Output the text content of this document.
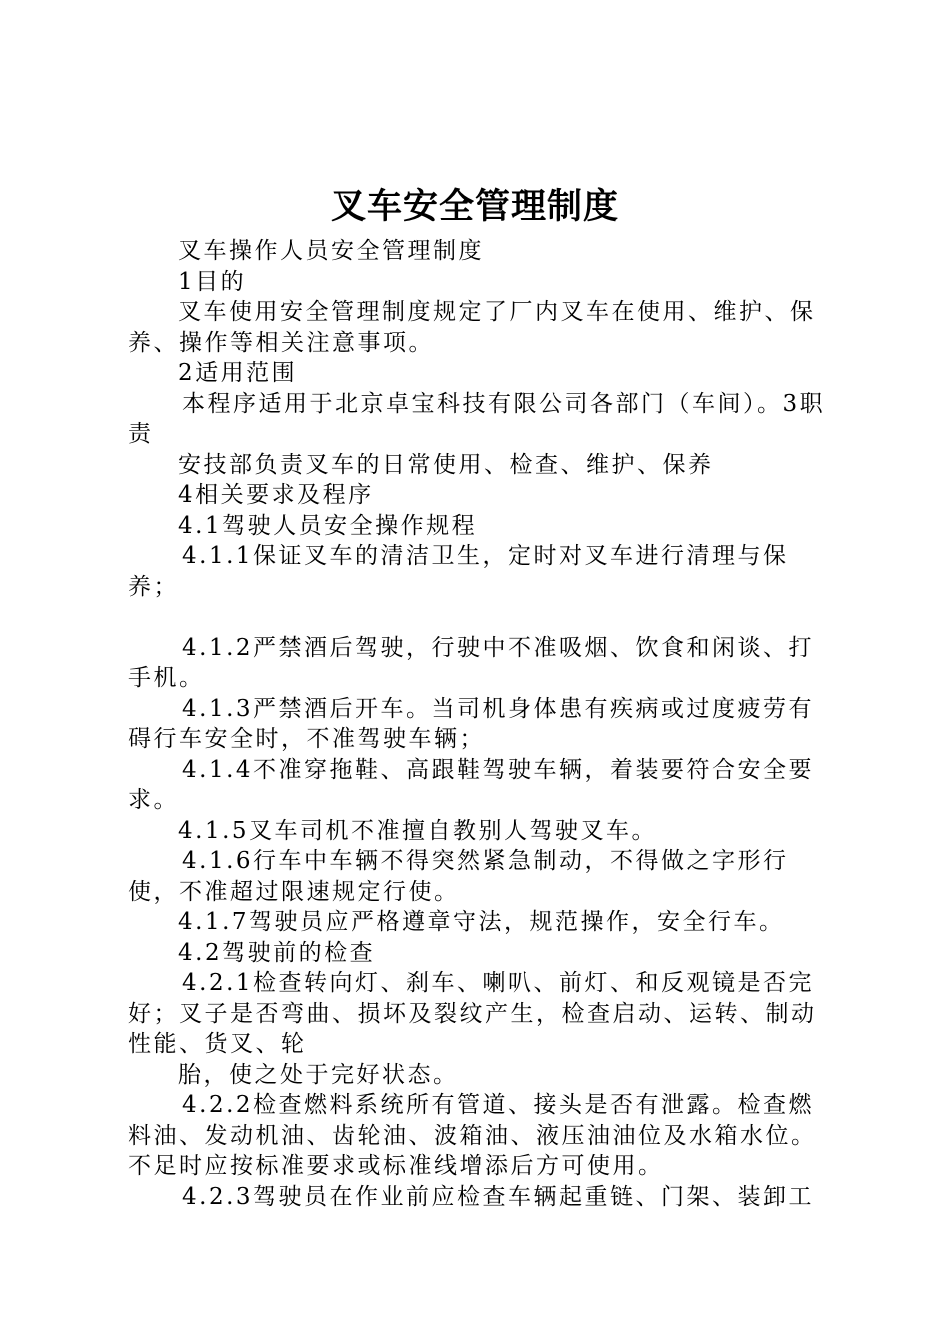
叉车安全管理制度

叉车操作人员安全管理制度

1目的

叉车使用安全管理制度规定了厂内叉车在使用、维护、保养、操作等相关注意事项。

2适用范围

本程序适用于北京卓宝科技有限公司各部门（车间）。3职责

安技部负责叉车的日常使用、检查、维护、保养

4相关要求及程序

4.1驾驶人员安全操作规程

4.1.1保证叉车的清洁卫生，定时对叉车进行清理与保养；

4.1.2严禁酒后驾驶，行驶中不准吸烟、饮食和闲谈、打手机。

4.1.3严禁酒后开车。当司机身体患有疾病或过度疲劳有碍行车安全时，不准驾驶车辆；

4.1.4不准穿拖鞋、高跟鞋驾驶车辆，着装要符合安全要求。

4.1.5叉车司机不准擅自教别人驾驶叉车。

4.1.6行车中车辆不得突然紧急制动，不得做之字形行使，不准超过限速规定行使。

4.1.7驾驶员应严格遵章守法，规范操作，安全行车。

4.2驾驶前的检查

4.2.1检查转向灯、刹车、喇叭、前灯、和反观镜是否完好；叉子是否弯曲、损坏及裂纹产生，检查启动、运转、制动性能、货叉、轮

胎，使之处于完好状态。

4.2.2检查燃料系统所有管道、接头是否有泄露。检查燃料油、发动机油、齿轮油、波箱油、液压油油位及水箱水位。不足时应按标准要求或标准线增添后方可使用。

4.2.3驾驶员在作业前应检查车辆起重链、门架、装卸工
